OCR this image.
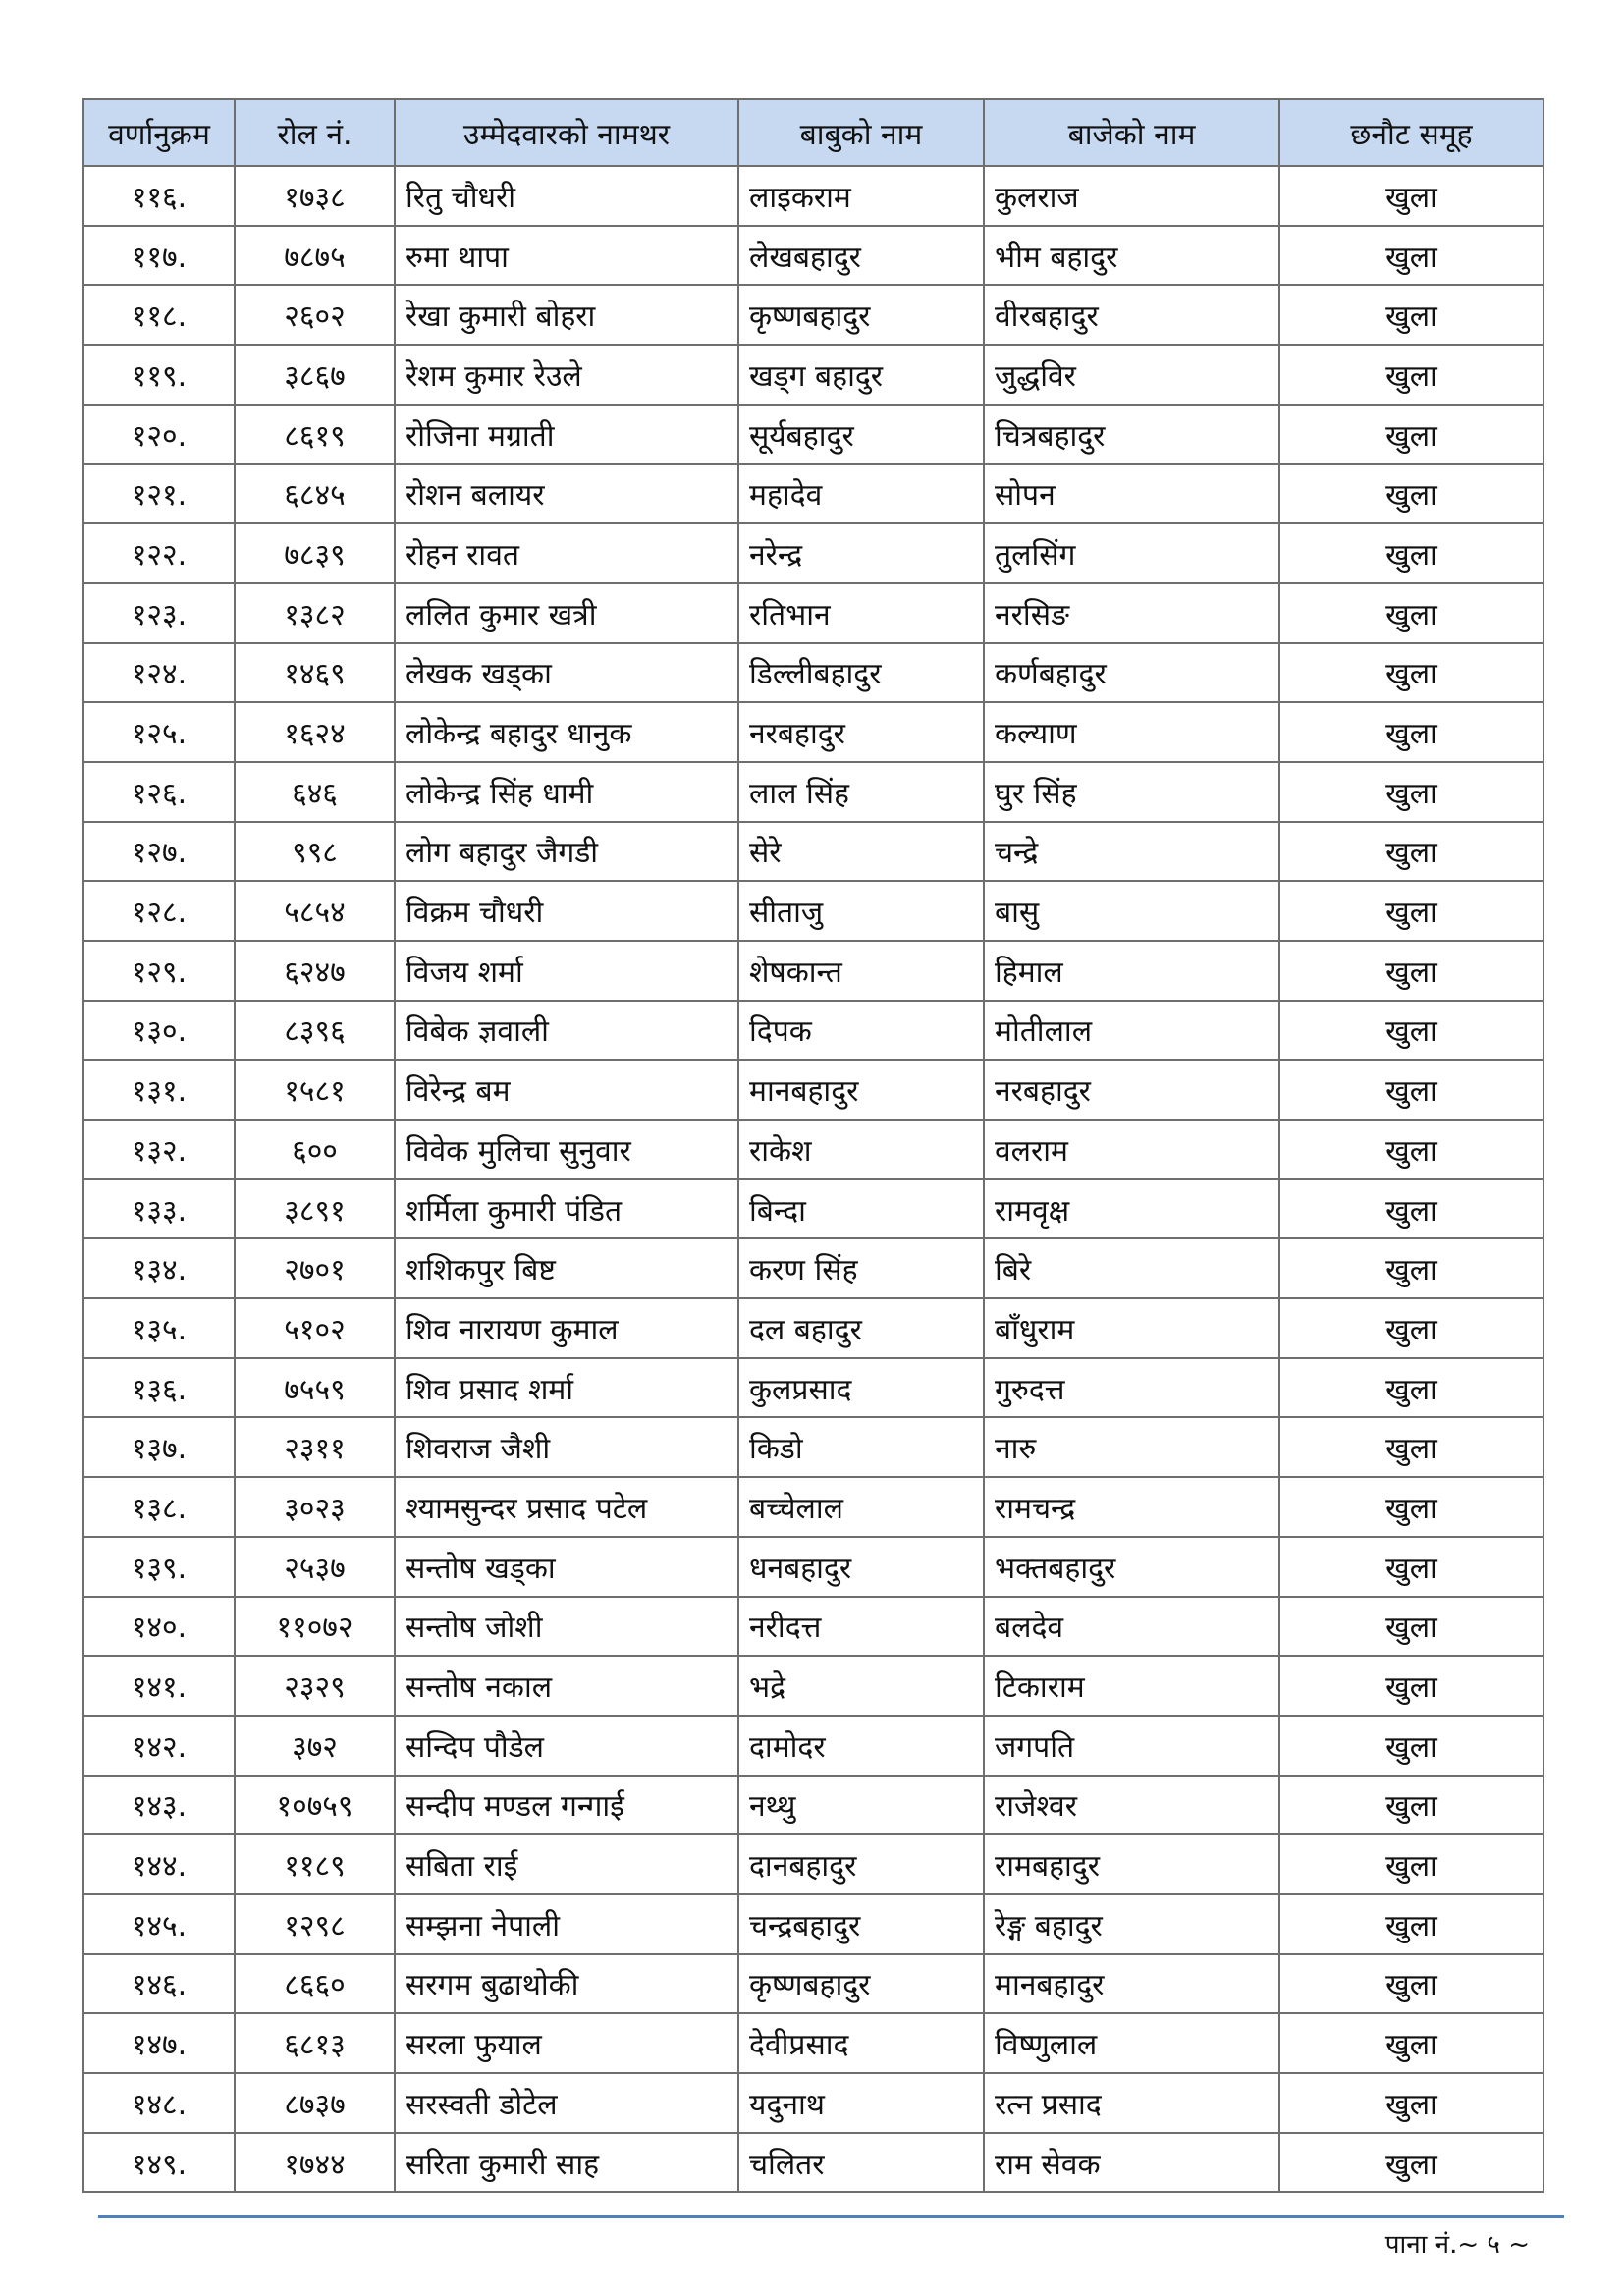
वर्णानुक्रम	रोल नं.	उम्मेदवारको नामथर	बाबुको नाम	बाजेको नाम	छनौट समूह
११६.	१७३८	रितु चौधरी	लाइकराम	कुलराज	खुला
११७.	७८७५	रुमा थापा	लेखबहादुर	भीम बहादुर	खुला
११८.	२६०२	रेखा कुमारी बोहरा	कृष्णबहादुर	वीरबहादुर	खुला
११९.	३८६७	रेशम कुमार रेउले	खड्ग बहादुर	जुद्धविर	खुला
१२०.	८६१९	रोजिना मग्राती	सूर्यबहादुर	चित्रबहादुर	खुला
१२१.	६८४५	रोशन बलायर	महादेव	सोपन	खुला
१२२.	७८३९	रोहन रावत	नरेन्द्र	तुलसिंग	खुला
१२३.	१३८२	ललित कुमार खत्री	रतिभान	नरसिङ	खुला
१२४.	१४६९	लेखक खड्का	डिल्लीबहादुर	कर्णबहादुर	खुला
१२५.	१६२४	लोकेन्द्र बहादुर धानुक	नरबहादुर	कल्याण	खुला
१२६.	६४६	लोकेन्द्र सिंह धामी	लाल सिंह	घुर सिंह	खुला
१२७.	९९८	लोग बहादुर जैगडी	सेरे	चन्द्रे	खुला
१२८.	५८५४	विक्रम चौधरी	सीताजु	बासु	खुला
१२९.	६२४७	विजय शर्मा	शेषकान्त	हिमाल	खुला
१३०.	८३९६	विबेक ज्ञवाली	दिपक	मोतीलाल	खुला
१३१.	१५८१	विरेन्द्र बम	मानबहादुर	नरबहादुर	खुला
१३२.	६००	विवेक मुलिचा सुनुवार	राकेश	वलराम	खुला
१३३.	३८९१	शर्मिला कुमारी पंडित	बिन्दा	रामवृक्ष	खुला
१३४.	२७०१	शशिकपुर बिष्ट	करण सिंह	बिरे	खुला
१३५.	५१०२	शिव नारायण कुमाल	दल बहादुर	बाँधुराम	खुला
१३६.	७५५९	शिव प्रसाद शर्मा	कुलप्रसाद	गुरुदत्त	खुला
१३७.	२३११	शिवराज जैशी	किडो	नारु	खुला
१३८.	३०२३	श्यामसुन्दर प्रसाद पटेल	बच्चेलाल	रामचन्द्र	खुला
१३९.	२५३७	सन्तोष खड्का	धनबहादुर	भक्तबहादुर	खुला
१४०.	११०७२	सन्तोष जोशी	नरीदत्त	बलदेव	खुला
१४१.	२३२९	सन्तोष नकाल	भद्रे	टिकाराम	खुला
१४२.	३७२	सन्दिप पौडेल	दामोदर	जगपति	खुला
१४३.	१०७५९	सन्दीप मण्डल गन्गाई	नथ्थु	राजेश्वर	खुला
१४४.	११८९	सबिता राई	दानबहादुर	रामबहादुर	खुला
१४५.	१२९८	सम्झना नेपाली	चन्द्रबहादुर	रेङ्ग बहादुर	खुला
१४६.	८६६०	सरगम बुढाथोकी	कृष्णबहादुर	मानबहादुर	खुला
१४७.	६८१३	सरला फुयाल	देवीप्रसाद	विष्णुलाल	खुला
१४८.	८७३७	सरस्वती डोटेल	यदुनाथ	रत्न प्रसाद	खुला
१४९.	१७४४	सरिता कुमारी साह	चलितर	राम सेवक	खुला
पाना नं.~ ५ ~
